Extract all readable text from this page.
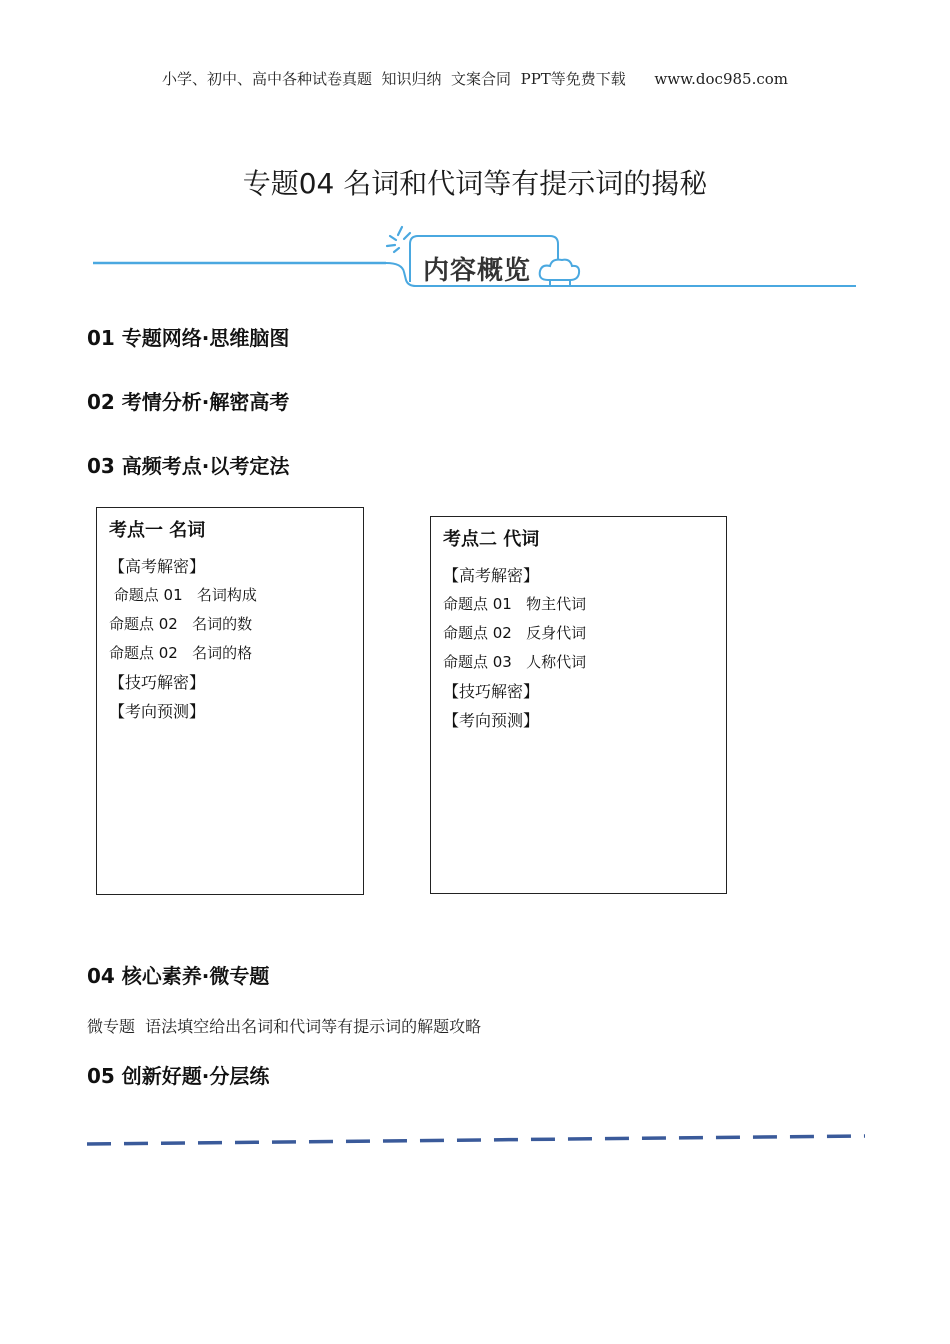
小学、初中、高中各种试卷真题  知识归纳  文案合同  PPT等免费下载 www.doc985.com
专题04 名词和代词等有提示词的揭秘
内容概览
01 专题网络·思维脑图
02 考情分析·解密高考
03 高频考点·以考定法
考点一 名词
【高考解密】
命题点 01   名词构成
命题点 02   名词的数
命题点 02   名词的格
【技巧解密】
【考向预测】
考点二 代词
【高考解密】
命题点 01   物主代词
命题点 02   反身代词
命题点 03   人称代词
【技巧解密】
【考向预测】
04 核心素养·微专题
微专题  语法填空给出名词和代词等有提示词的解题攻略
05 创新好题·分层练
